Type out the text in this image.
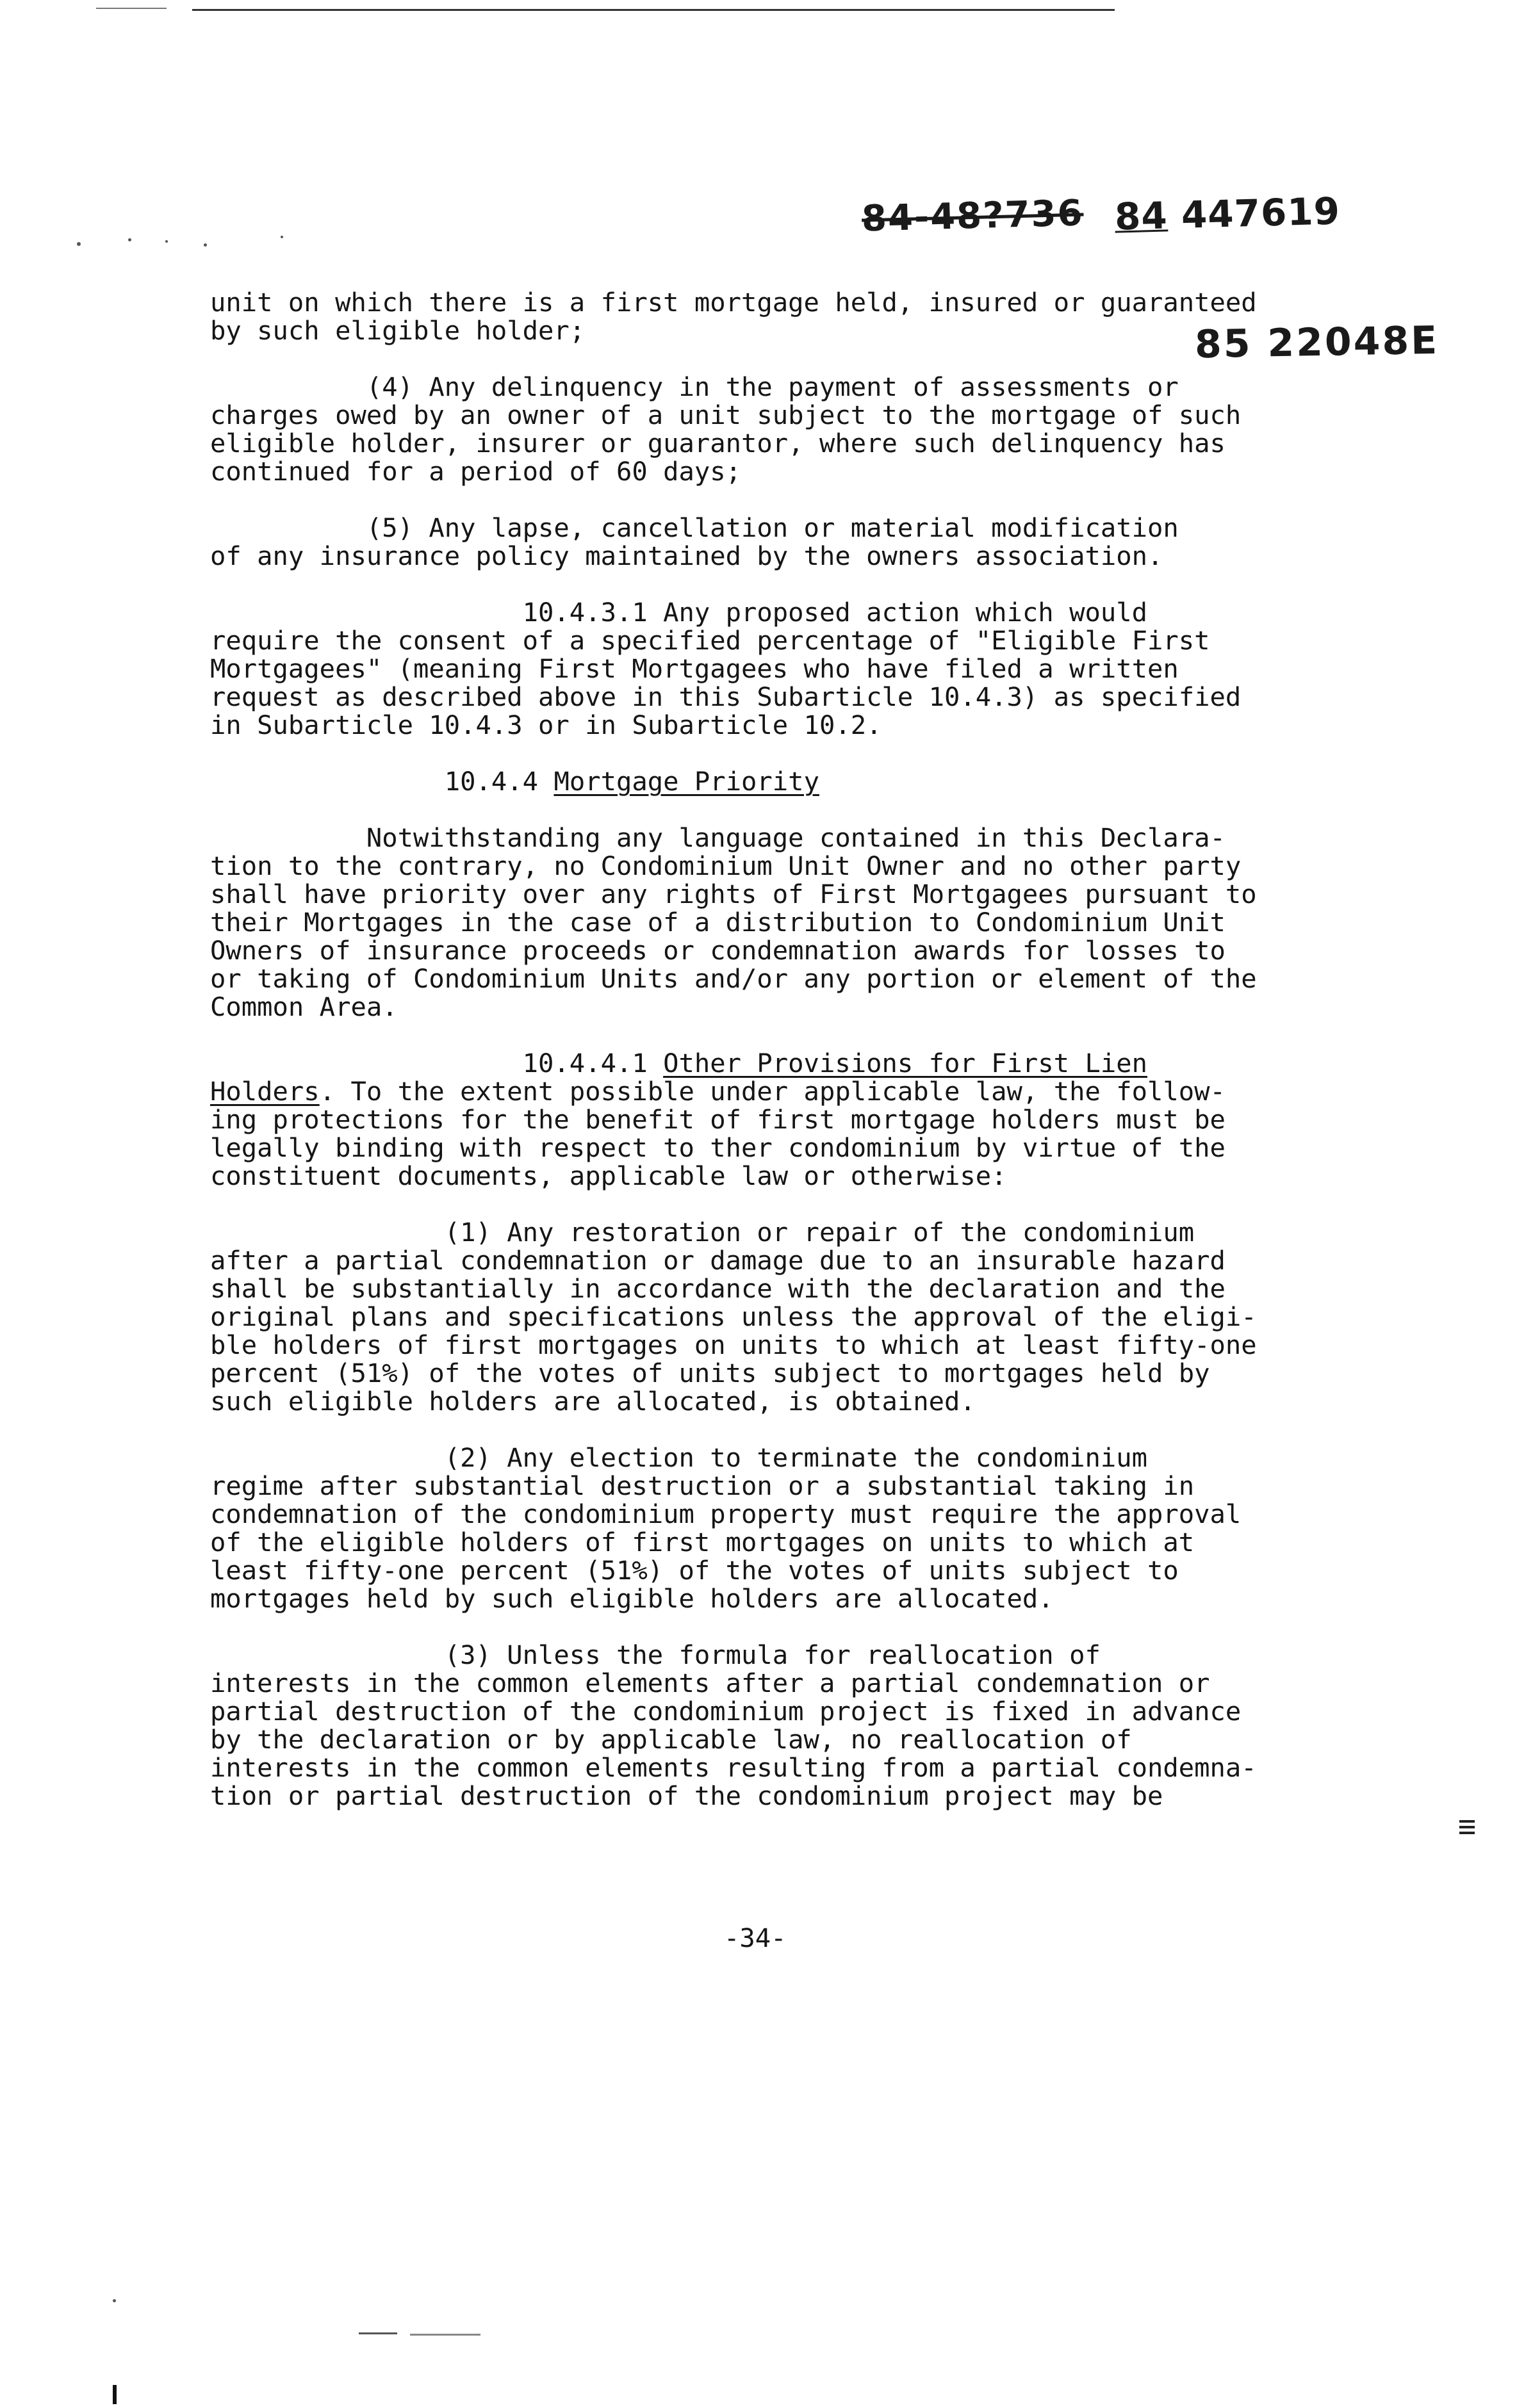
84-48?736 84 447619
85 22048E
unit on which there is a first mortgage held, insured or guaranteed
by such eligible holder;
(4) Any delinquency in the payment of assessments or
charges owed by an owner of a unit subject to the mortgage of such
eligible holder, insurer or guarantor, where such delinquency has
continued for a period of 60 days;
(5) Any lapse, cancellation or material modification
of any insurance policy maintained by the owners association.
10.4.3.1 Any proposed action which would
require the consent of a specified percentage of "Eligible First
Mortgagees" (meaning First Mortgagees who have filed a written
request as described above in this Subarticle 10.4.3) as specified
in Subarticle 10.4.3 or in Subarticle 10.2.
10.4.4 Mortgage Priority
Notwithstanding any language contained in this Declara-
tion to the contrary, no Condominium Unit Owner and no other party
shall have priority over any rights of First Mortgagees pursuant to
their Mortgages in the case of a distribution to Condominium Unit
Owners of insurance proceeds or condemnation awards for losses to
or taking of Condominium Units and/or any portion or element of the
Common Area.
10.4.4.1 Other Provisions for First Lien
Holders. To the extent possible under applicable law, the follow-
ing protections for the benefit of first mortgage holders must be
legally binding with respect to ther condominium by virtue of the
constituent documents, applicable law or otherwise:
(1) Any restoration or repair of the condominium
after a partial condemnation or damage due to an insurable hazard
shall be substantially in accordance with the declaration and the
original plans and specifications unless the approval of the eligi-
ble holders of first mortgages on units to which at least fifty-one
percent (51%) of the votes of units subject to mortgages held by
such eligible holders are allocated, is obtained.
(2) Any election to terminate the condominium
regime after substantial destruction or a substantial taking in
condemnation of the condominium property must require the approval
of the eligible holders of first mortgages on units to which at
least fifty-one percent (51%) of the votes of units subject to
mortgages held by such eligible holders are allocated.
(3) Unless the formula for reallocation of
interests in the common elements after a partial condemnation or
partial destruction of the condominium project is fixed in advance
by the declaration or by applicable law, no reallocation of
interests in the common elements resulting from a partial condemna-
tion or partial destruction of the condominium project may be
-34-
